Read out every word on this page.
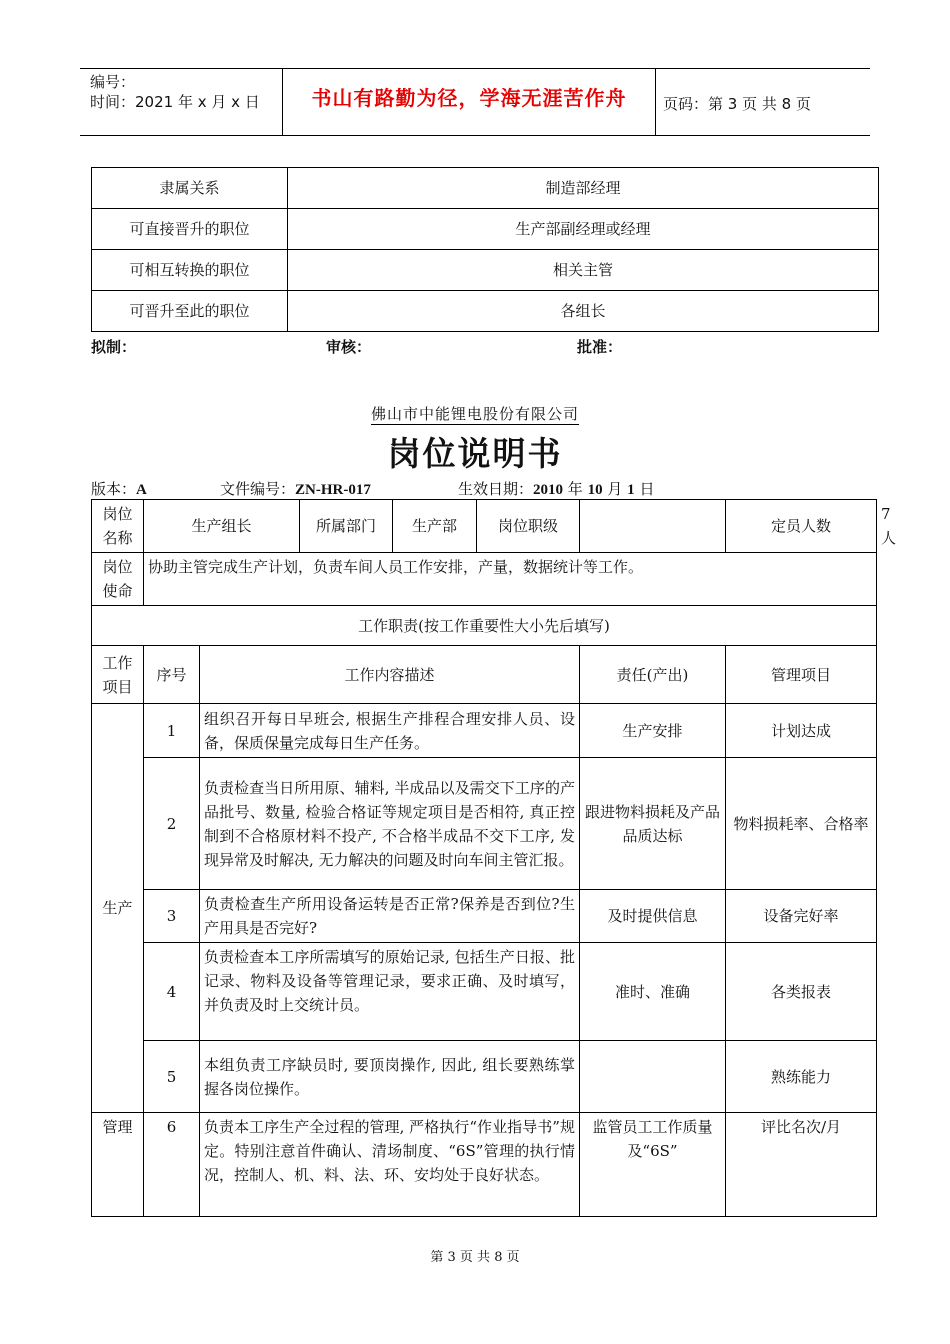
编号：
时间：2021 年 x 月 x 日	书山有路勤为径，学海无涯苦作舟	页码：第 3 页 共 8 页
隶属关系	制造部经理
可直接晋升的职位	生产部副经理或经理
可相互转换的职位	相关主管
可晋升至此的职位	各组长
拟制：	审核：	批准：
佛山市中能锂电股份有限公司
岗位说明书
版本：A	文件编号：ZN-HR-017	生效日期：2010 年 10 月 1 日
岗位名称	生产组长		所属部门	生产部	岗位职级		定员人数	7 人
岗位使命	协助主管完成生产计划，负责车间人员工作安排，产量，数据统计等工作。							
工作职责(按工作重要性大小先后填写)								
工作项目	序号	工作内容描述				责任(产出)	管理项目	
生产	1	组织召开每日早班会, 根据生产排程合理安排人员、设备，保质保量完成每日生产任务。				生产安排	计划达成	
	2	负责检查当日所用原、辅料, 半成品以及需交下工序的产品批号、数量, 检验合格证等规定项目是否相符, 真正控制到不合格原材料不投产, 不合格半成品不交下工序, 发现异常及时解决, 无力解决的问题及时向车间主管汇报。				跟进物料损耗及产品品质达标	物料损耗率、合格率	
	3	负责检查生产所用设备运转是否正常?保养是否到位?生产用具是否完好?				及时提供信息	设备完好率	
	4	负责检查本工序所需填写的原始记录, 包括生产日报、批记录、物料及设备等管理记录，要求正确、及时填写，并负责及时上交统计员。				准时、准确	各类报表	
	5	本组负责工序缺员时, 要顶岗操作, 因此, 组长要熟练掌握各岗位操作。					熟练能力	
管理	6	负责本工序生产全过程的管理, 严格执行“作业指导书”规定。特别注意首件确认、清场制度、“6S”管理的执行情况，控制人、机、料、法、环、安均处于良好状态。				监管员工工作质量及“6S”	评比名次/月	
第 3 页 共 8 页
